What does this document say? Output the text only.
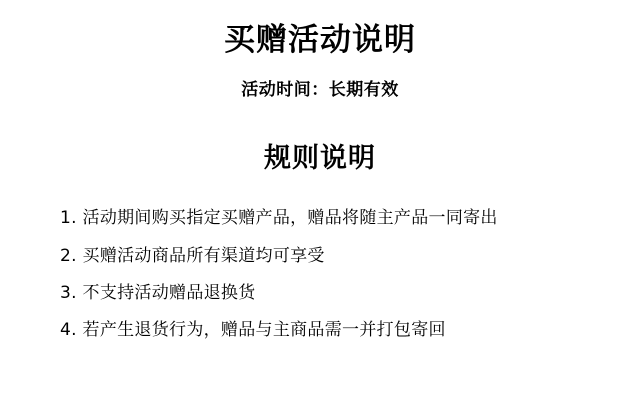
买赠活动说明

活动时间：长期有效

规则说明
1. 活动期间购买指定买赠产品，赠品将随主产品一同寄出
2. 买赠活动商品所有渠道均可享受
3. 不支持活动赠品退换货
4. 若产生退货行为，赠品与主商品需一并打包寄回
